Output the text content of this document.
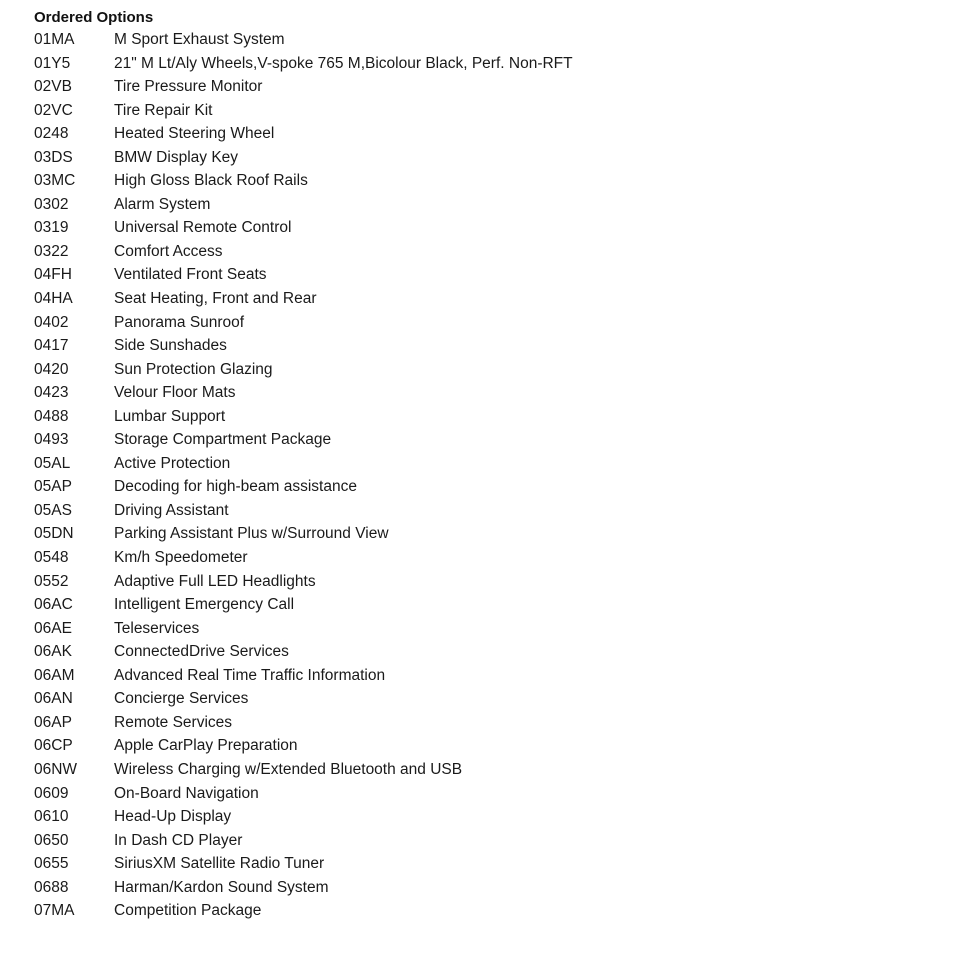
Ordered Options
01MA	M Sport Exhaust System
01Y5	21" M Lt/Aly Wheels,V-spoke 765 M,Bicolour Black, Perf. Non-RFT
02VB	Tire Pressure Monitor
02VC	Tire Repair Kit
0248	Heated Steering Wheel
03DS	BMW Display Key
03MC	High Gloss Black Roof Rails
0302	Alarm System
0319	Universal Remote Control
0322	Comfort Access
04FH	Ventilated Front Seats
04HA	Seat Heating, Front and Rear
0402	Panorama Sunroof
0417	Side Sunshades
0420	Sun Protection Glazing
0423	Velour Floor Mats
0488	Lumbar Support
0493	Storage Compartment Package
05AL	Active Protection
05AP	Decoding for high-beam assistance
05AS	Driving Assistant
05DN	Parking Assistant Plus w/Surround View
0548	Km/h Speedometer
0552	Adaptive Full LED Headlights
06AC	Intelligent Emergency Call
06AE	Teleservices
06AK	ConnectedDrive Services
06AM	Advanced Real Time Traffic Information
06AN	Concierge Services
06AP	Remote Services
06CP	Apple CarPlay Preparation
06NW	Wireless Charging w/Extended Bluetooth and USB
0609	On-Board Navigation
0610	Head-Up Display
0650	In Dash CD Player
0655	SiriusXM Satellite Radio Tuner
0688	Harman/Kardon Sound System
07MA	Competition Package
